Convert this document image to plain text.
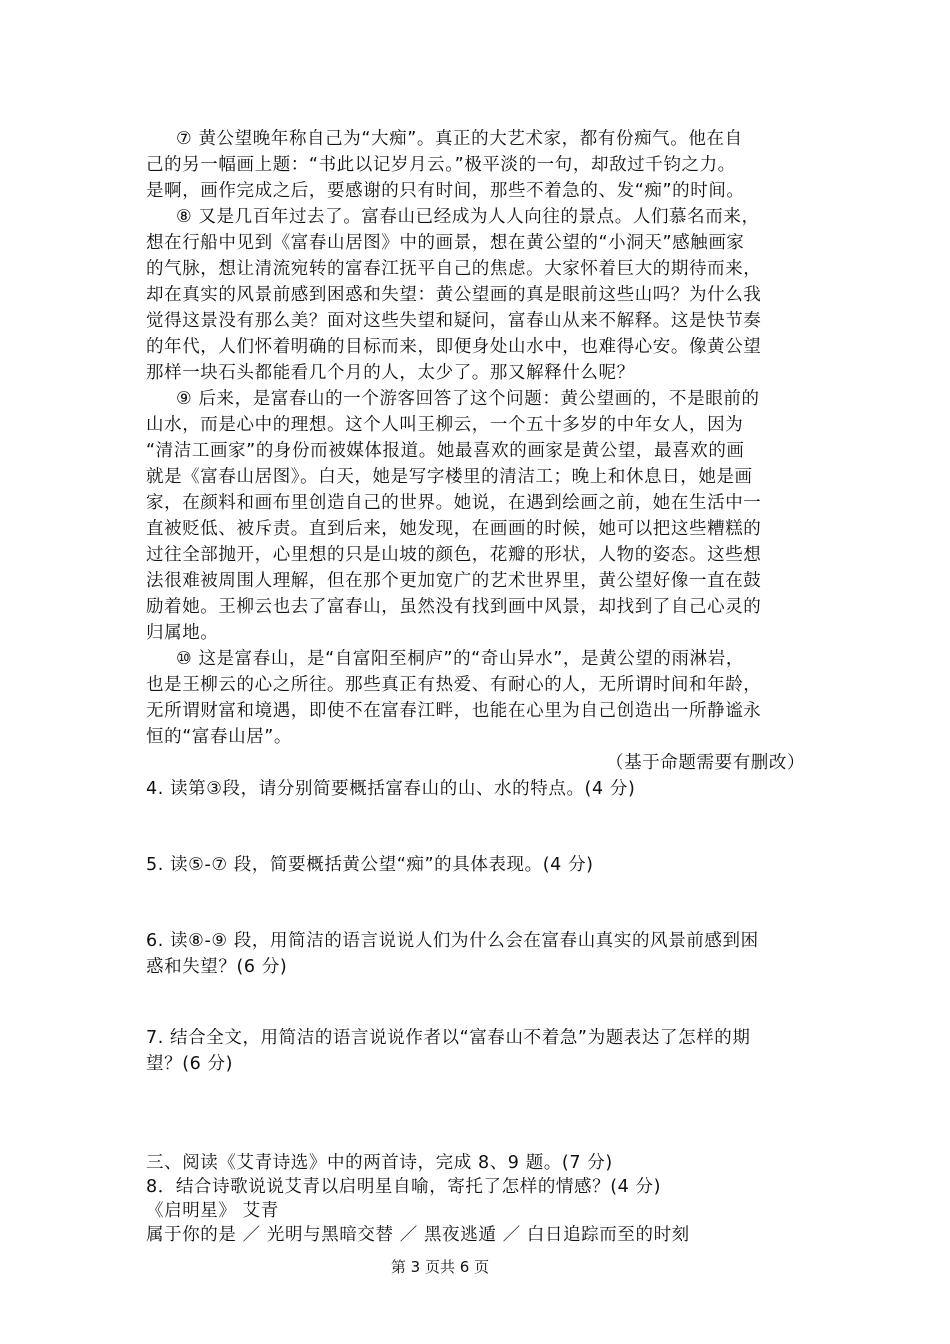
⑦ 黄公望晚年称自己为“大痴”。真正的大艺术家，都有份痴气。他在自
己的另一幅画上题：“书此以记岁月云。”极平淡的一句，却敌过千钧之力。
是啊，画作完成之后，要感谢的只有时间，那些不着急的、发“痴”的时间。
⑧ 又是几百年过去了。富春山已经成为人人向往的景点。人们慕名而来，
想在行船中见到《富春山居图》中的画景，想在黄公望的“小洞天”感触画家
的气脉，想让清流宛转的富春江抚平自己的焦虑。大家怀着巨大的期待而来，
却在真实的风景前感到困惑和失望：黄公望画的真是眼前这些山吗？为什么我
觉得这景没有那么美？面对这些失望和疑问，富春山从来不解释。这是快节奏
的年代，人们怀着明确的目标而来，即便身处山水中，也难得心安。像黄公望
那样一块石头都能看几个月的人，太少了。那又解释什么呢？
⑨ 后来，是富春山的一个游客回答了这个问题：黄公望画的，不是眼前的
山水，而是心中的理想。这个人叫王柳云，一个五十多岁的中年女人，因为
“清洁工画家”的身份而被媒体报道。她最喜欢的画家是黄公望，最喜欢的画
就是《富春山居图》。白天，她是写字楼里的清洁工；晚上和休息日，她是画
家，在颜料和画布里创造自己的世界。她说，在遇到绘画之前，她在生活中一
直被贬低、被斥责。直到后来，她发现，在画画的时候，她可以把这些糟糕的
过往全部抛开，心里想的只是山坡的颜色，花瓣的形状，人物的姿态。这些想
法很难被周围人理解，但在那个更加宽广的艺术世界里，黄公望好像一直在鼓
励着她。王柳云也去了富春山，虽然没有找到画中风景，却找到了自己心灵的
归属地。
⑩ 这是富春山，是“自富阳至桐庐”的“奇山异水”，是黄公望的雨淋岩，
也是王柳云的心之所往。那些真正有热爱、有耐心的人，无所谓时间和年龄，
无所谓财富和境遇，即使不在富春江畔，也能在心里为自己创造出一所静谧永
恒的“富春山居”。
（基于命题需要有删改）
4. 读第③段，请分别简要概括富春山的山、水的特点。(4 分)
5. 读⑤-⑦ 段，简要概括黄公望“痴”的具体表现。(4 分)
6. 读⑧-⑨ 段，用简洁的语言说说人们为什么会在富春山真实的风景前感到困
惑和失望？(6 分)
7. 结合全文，用简洁的语言说说作者以“富春山不着急”为题表达了怎样的期
望？(6 分)
三、阅读《艾青诗选》中的两首诗，完成 8、9 题。(7 分)
8．结合诗歌说说艾青以启明星自喻，寄托了怎样的情感？(4 分)
《启明星》 艾青
属于你的是 ／ 光明与黑暗交替 ／ 黑夜逃遁 ／ 白日追踪而至的时刻
第 3 页共 6 页
